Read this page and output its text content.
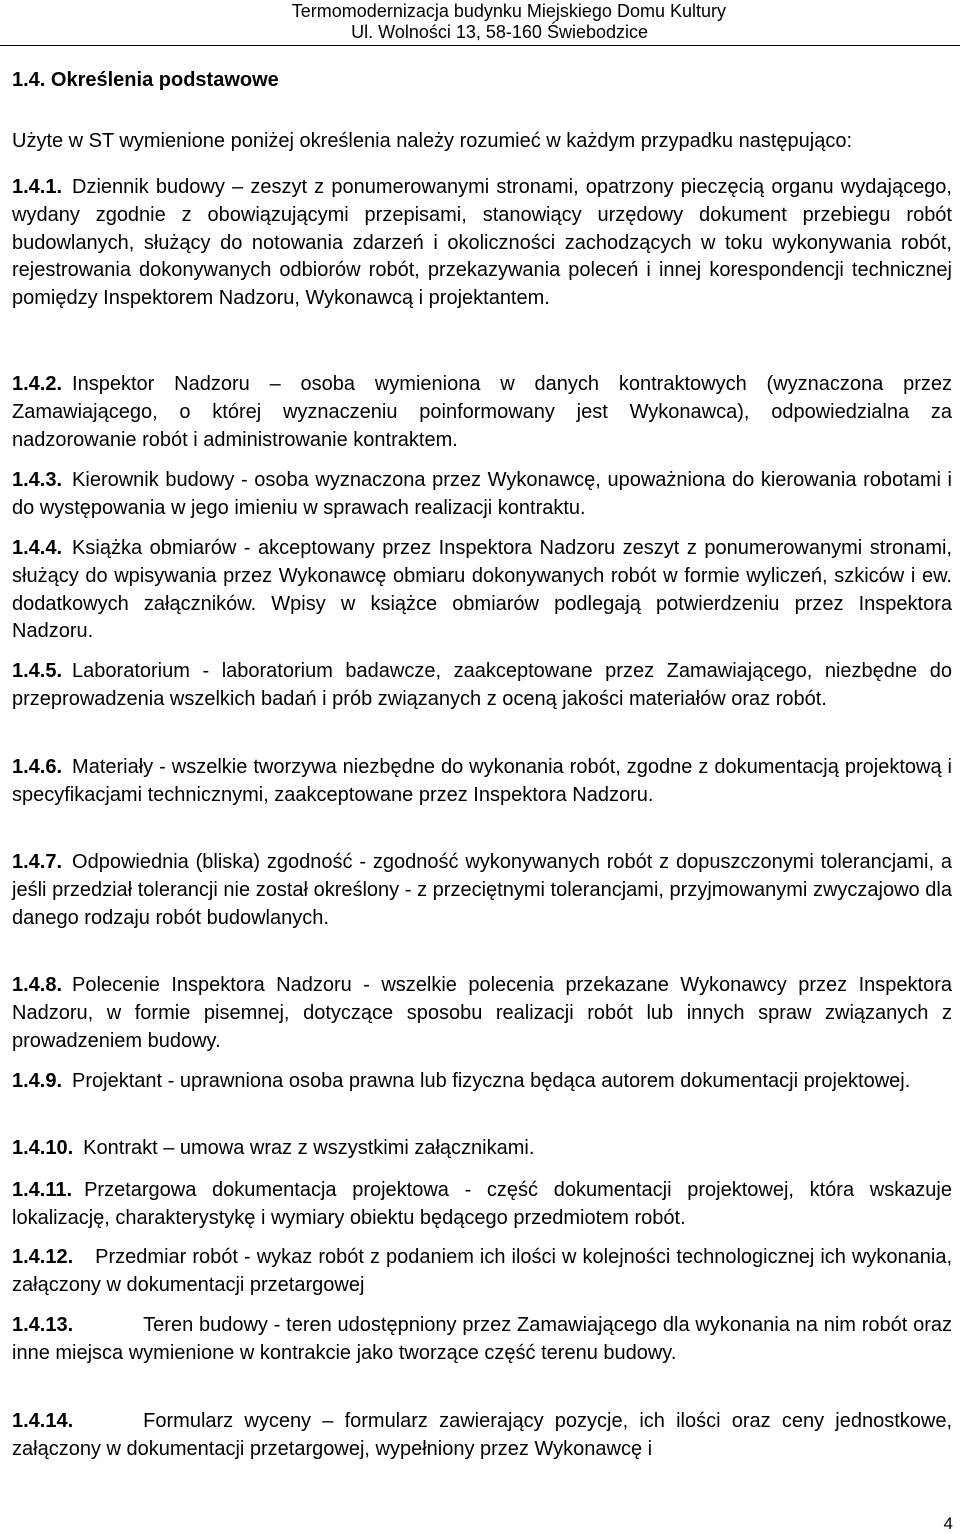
Termomodernizacja budynku Miejskiego Domu Kultury
Ul. Wolności 13, 58-160 Świebodzice
1.4. Określenia podstawowe
Użyte w ST wymienione poniżej określenia należy rozumieć w każdym przypadku następująco:
1.4.1. Dziennik budowy – zeszyt z ponumerowanymi stronami, opatrzony pieczęcią organu wydającego, wydany zgodnie z obowiązującymi przepisami, stanowiący urzędowy dokument przebiegu robót budowlanych, służący do notowania zdarzeń i okoliczności zachodzących w toku wykonywania robót, rejestrowania dokonywanych odbiorów robót, przekazywania poleceń i innej korespondencji technicznej pomiędzy Inspektorem Nadzoru, Wykonawcą i projektantem.
1.4.2. Inspektor Nadzoru – osoba wymieniona w danych kontraktowych (wyznaczona przez Zamawiającego, o której wyznaczeniu poinformowany jest Wykonawca), odpowiedzialna za nadzorowanie robót i administrowanie kontraktem.
1.4.3. Kierownik budowy - osoba wyznaczona przez Wykonawcę, upoważniona do kierowania robotami i do występowania w jego imieniu w sprawach realizacji kontraktu.
1.4.4. Książka obmiarów - akceptowany przez Inspektora Nadzoru zeszyt z ponumerowanymi stronami, służący do wpisywania przez Wykonawcę obmiaru dokonywanych robót w formie wyliczeń, szkiców i ew. dodatkowych załączników. Wpisy w książce obmiarów podlegają potwierdzeniu przez Inspektora Nadzoru.
1.4.5. Laboratorium - laboratorium badawcze, zaakceptowane przez Zamawiającego, niezbędne do przeprowadzenia wszelkich badań i prób związanych z oceną jakości materiałów oraz robót.
1.4.6. Materiały - wszelkie tworzywa niezbędne do wykonania robót, zgodne z dokumentacją projektową i specyfikacjami technicznymi, zaakceptowane przez Inspektora Nadzoru.
1.4.7. Odpowiednia (bliska) zgodność - zgodność wykonywanych robót z dopuszczonymi tolerancjami, a jeśli przedział tolerancji nie został określony - z przeciętnymi tolerancjami, przyjmowanymi zwyczajowo dla danego rodzaju robót budowlanych.
1.4.8. Polecenie Inspektora Nadzoru - wszelkie polecenia przekazane Wykonawcy przez Inspektora Nadzoru, w formie pisemnej, dotyczące sposobu realizacji robót lub innych spraw związanych z prowadzeniem budowy.
1.4.9. Projektant - uprawniona osoba prawna lub fizyczna będąca autorem dokumentacji projektowej.
1.4.10. Kontrakt – umowa wraz z wszystkimi załącznikami.
1.4.11. Przetargowa dokumentacja projektowa - część dokumentacji projektowej, która wskazuje lokalizację, charakterystykę i wymiary obiektu będącego przedmiotem robót.
1.4.12. Przedmiar robót - wykaz robót z podaniem ich ilości w kolejności technologicznej ich wykonania, załączony w dokumentacji przetargowej
1.4.13.	Teren budowy - teren udostępniony przez Zamawiającego dla wykonania na nim robót oraz inne miejsca wymienione w kontrakcie jako tworzące część terenu budowy.
1.4.14.	Formularz wyceny – formularz zawierający pozycje, ich ilości oraz ceny jednostkowe, załączony w dokumentacji przetargowej, wypełniony przez Wykonawcę i
4
